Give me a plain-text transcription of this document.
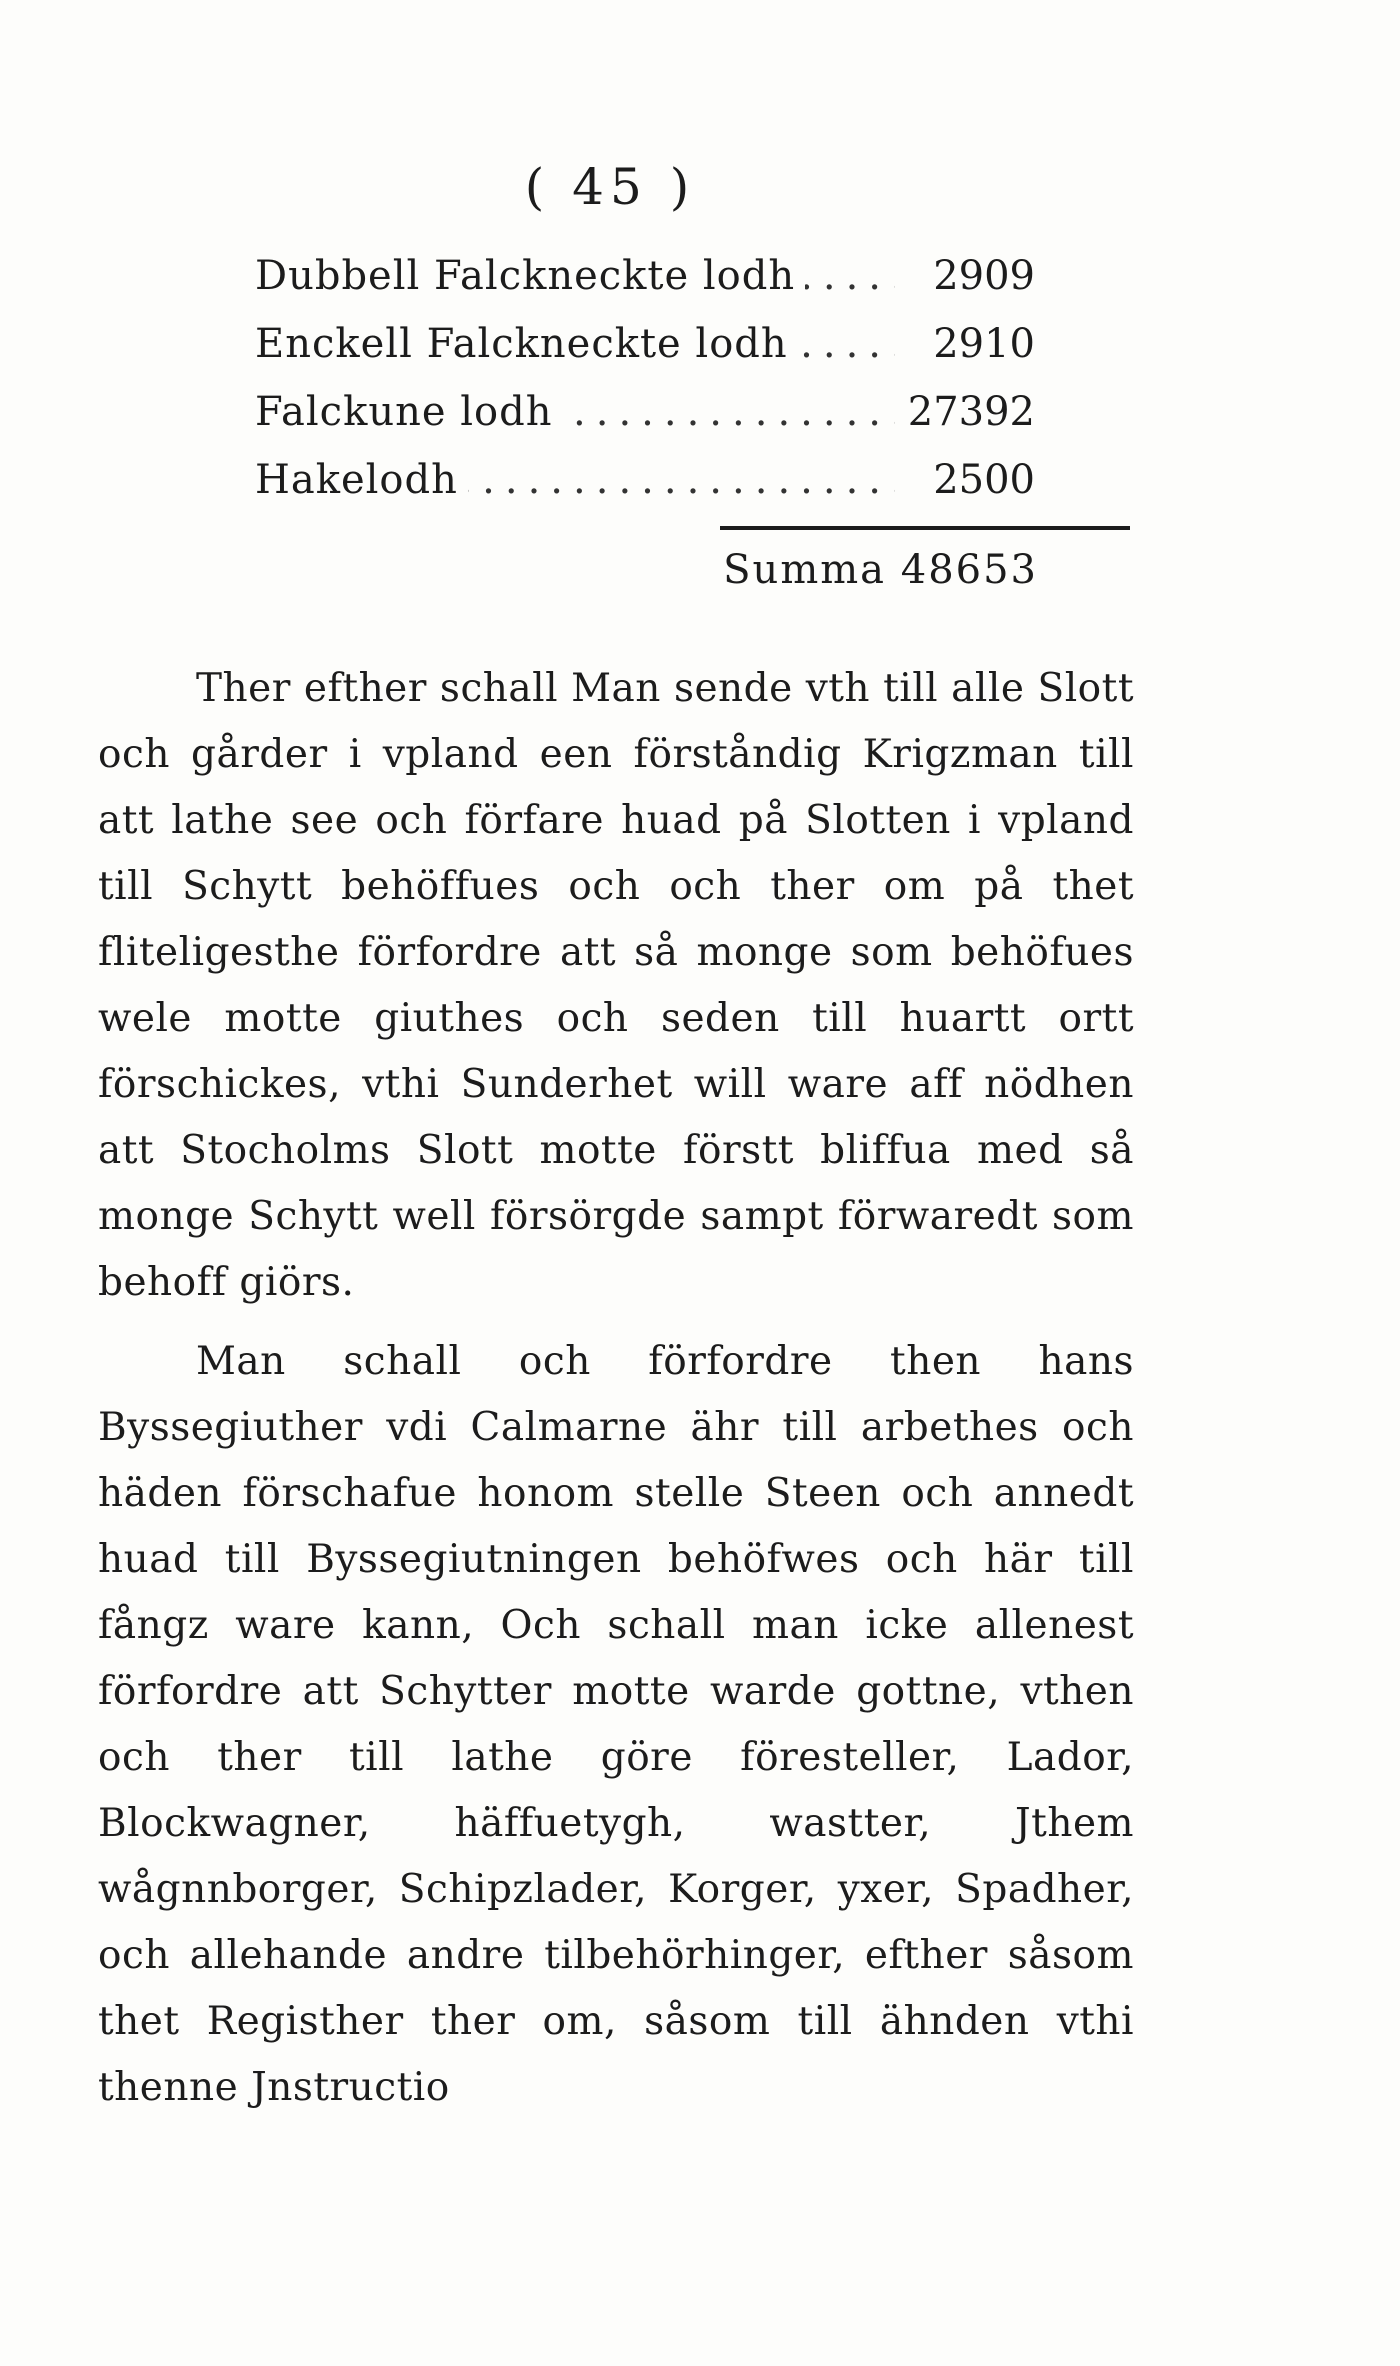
( 45 )
.....
Dubbell Falckneckte lodh	2909
.....
Enckell Falckneckte lodh	2910
.....
Falckune lodh	27392
.....
Hakelodh	2500
Summa 48653

Ther efther schall Man sende vth till alle Slott och gårder i vpland een förståndig Krigzman till att lathe see och förfare huad på Slotten i vpland till Schytt behöffues och och ther om på thet fliteligesthe förfordre att så monge som behöfues wele motte giuthes och seden till huartt ortt förschickes, vthi Sunderhet will ware aff nödhen att Stocholms Slott motte förstt bliffua med så monge Schytt well försörgde sampt förwaredt som behoff giörs.

Man schall och förfordre then hans Byssegiuther vdi Calmarne ähr till arbethes och häden förschafue honom stelle Steen och annedt huad till Byssegiutningen behöfwes och här till fångz ware kann, Och schall man icke allenest förfordre att Schytter motte warde gottne, vthen och ther till lathe göre föresteller, Lador, Blockwagner, häffuetygh, wastter, Jthem wågnnborger, Schipzlader, Korger, yxer, Spadher, och allehande andre tilbehörhinger, efther såsom thet Registher ther om, såsom till ähnden vthi thenne Jnstructio
